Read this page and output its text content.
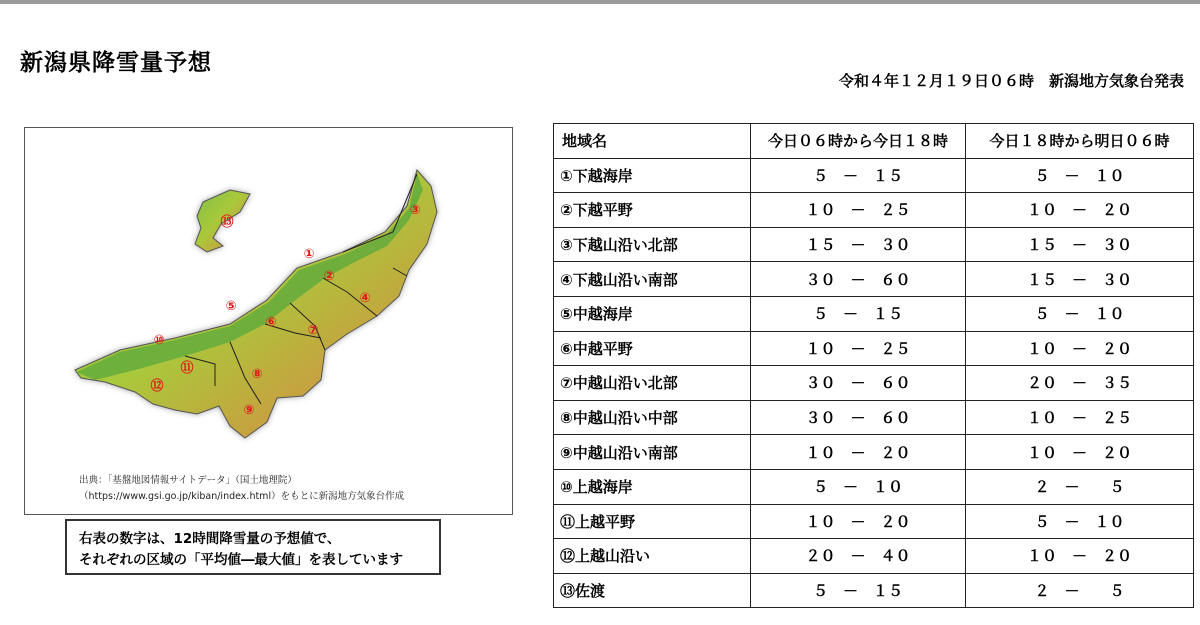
新潟県降雪量予想
令和４年１２月１９日０６時　新潟地方気象台発表
①
②
③
④
⑤
⑥
⑦
⑧
⑨
⑩
⑪
⑫
⑬
出典：「基盤地図情報サイトデータ」（国土地理院）
（https://www.gsi.go.jp/kiban/index.html）をもとに新潟地方気象台作成
右表の数字は、12時間降雪量の予想値で、
それぞれの区域の「平均値―最大値」を表しています
地域名	今日０６時から今日１８時	今日１８時から明日０６時
①下越海岸	５　－　１５	５　－　１０
②下越平野	１０　－　２５	１０　－　２０
③下越山沿い北部	１５　－　３０	１５　－　３０
④下越山沿い南部	３０　－　６０	１５　－　３０
⑤中越海岸	５　－　１５	５　－　１０
⑥中越平野	１０　－　２５	１０　－　２０
⑦中越山沿い北部	３０　－　６０	２０　－　３５
⑧中越山沿い中部	３０　－　６０	１０　－　２５
⑨中越山沿い南部	１０　－　２０	１０　－　２０
⑩上越海岸	５　－　１０	２　－　　５
⑪上越平野	１０　－　２０	５　－　１０
⑫上越山沿い	２０　－　４０	１０　－　２０
⑬佐渡	５　－　１５	２　－　　５
